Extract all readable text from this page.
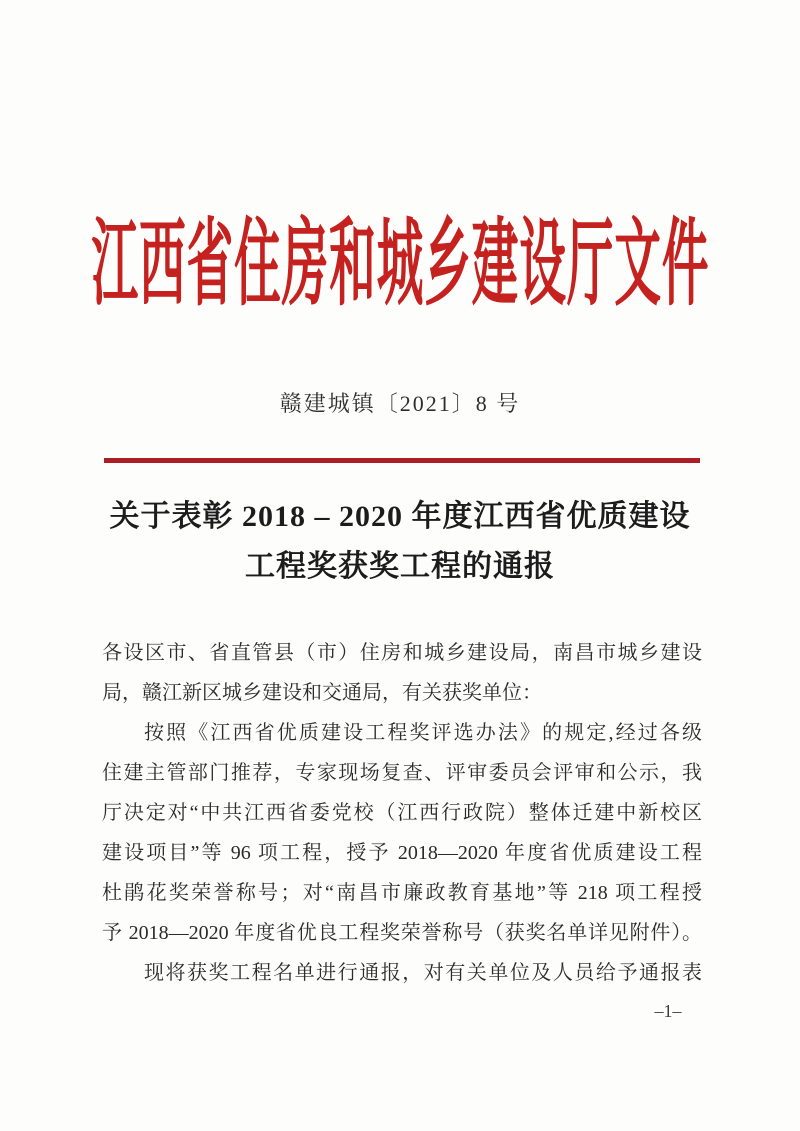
江西省住房和城乡建设厅文件
赣建城镇〔2021〕8 号
关于表彰 2018 – 2020 年度江西省优质建设
工程奖获奖工程的通报
各设区市、省直管县（市）住房和城乡建设局，南昌市城乡建设
局，赣江新区城乡建设和交通局，有关获奖单位：
按照《江西省优质建设工程奖评选办法》的规定,经过各级
住建主管部门推荐，专家现场复查、评审委员会评审和公示，我
厅决定对“中共江西省委党校（江西行政院）整体迁建中新校区
建设项目”等 96 项工程，授予 2018—2020 年度省优质建设工程
杜鹃花奖荣誉称号；对“南昌市廉政教育基地”等 218 项工程授
予 2018—2020 年度省优良工程奖荣誉称号（获奖名单详见附件）。
现将获奖工程名单进行通报，对有关单位及人员给予通报表
–1–
